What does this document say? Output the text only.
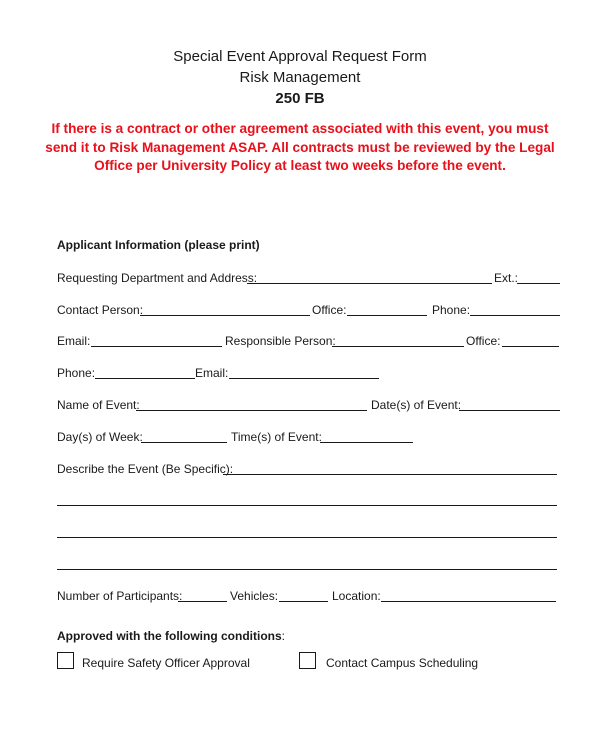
Special Event Approval Request Form
Risk Management
250 FB
If there is a contract or other agreement associated with this event, you must send it to Risk Management ASAP. All contracts must be reviewed by the Legal Office per University Policy at least two weeks before the event.
Applicant Information (please print)
Requesting Department and Address:	Ext.:
Contact Person:	Office:	Phone:
Email:	Responsible Person:	Office:
Phone:	Email:
Name of Event:	Date(s) of Event:
Day(s) of Week:	Time(s) of Event:
Describe the Event (Be Specific):
Number of Participants:	Vehicles:	Location:
Approved with the following conditions:
Require Safety Officer Approval	Contact Campus Scheduling
